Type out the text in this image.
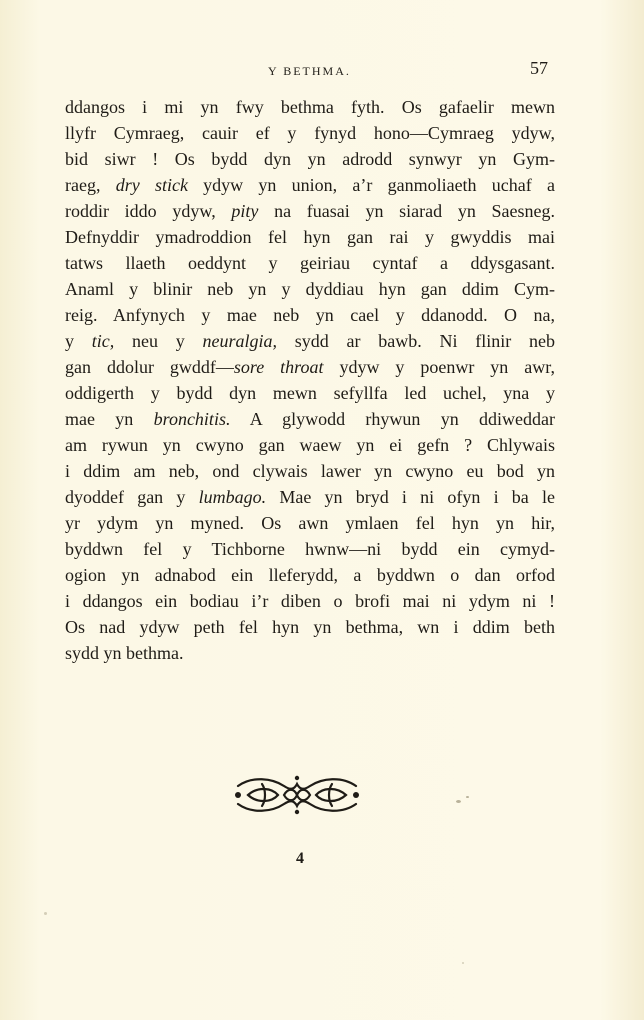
Y BETHMA.	57
ddangos i mi yn fwy bethma fyth. Os gafaelir mewn
llyfr Cymraeg, cauir ef y fynyd hono—Cymraeg ydyw,
bid siwr ! Os bydd dyn yn adrodd synwyr yn Gym-
raeg, dry stick ydyw yn union, a’r ganmoliaeth uchaf a
roddir iddo ydyw, pity na fuasai yn siarad yn Saesneg.
Defnyddir ymadroddion fel hyn gan rai y gwyddis mai
tatws llaeth oeddynt y geiriau cyntaf a ddysgasant.
Anaml y blinir neb yn y dyddiau hyn gan ddim Cym-
reig. Anfynych y mae neb yn cael y ddanodd. O na,
y tic, neu y neuralgia, sydd ar bawb. Ni flinir neb
gan ddolur gwddf—sore throat ydyw y poenwr yn awr,
oddigerth y bydd dyn mewn sefyllfa led uchel, yna y
mae yn bronchitis. A glywodd rhywun yn ddiweddar
am rywun yn cwyno gan waew yn ei gefn ? Chlywais
i ddim am neb, ond clywais lawer yn cwyno eu bod yn
dyoddef gan y lumbago. Mae yn bryd i ni ofyn i ba le
yr ydym yn myned. Os awn ymlaen fel hyn yn hir,
byddwn fel y Tichborne hwnw—ni bydd ein cymyd-
ogion yn adnabod ein lleferydd, a byddwn o dan orfod
i ddangos ein bodiau i’r diben o brofi mai ni ydym ni !
Os nad ydyw peth fel hyn yn bethma, wn i ddim beth
sydd yn bethma.
4
